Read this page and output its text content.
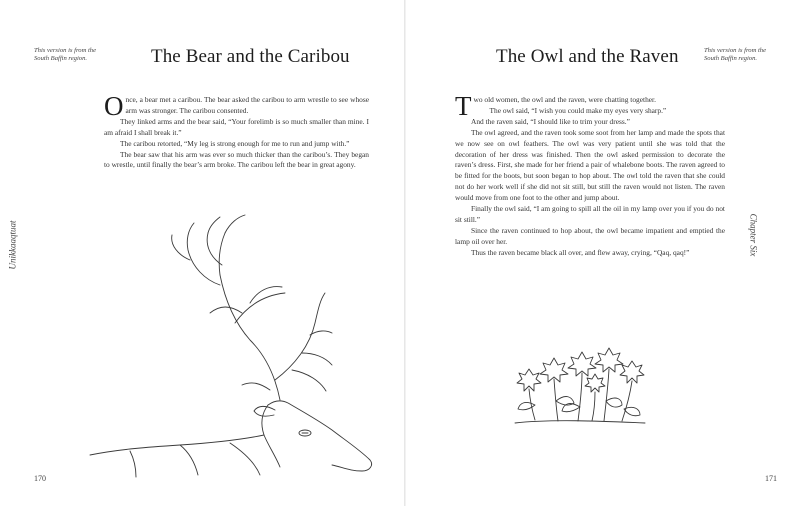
This version is from the South Baffin region.	The Bear and the Caribou

Once, a bear met a caribou. The bear asked the caribou to arm wrestle to see whose arm was stronger. The caribou consented.

They linked arms and the bear said, “Your forelimb is so much smaller than mine. I am afraid I shall break it.”

The caribou retorted, “My leg is strong enough for me to run and jump with.”

The bear saw that his arm was ever so much thicker than the caribou’s. They began to wrestle, until finally the bear’s arm broke. The caribou left the bear in great agony.

Unikkaaqtuat
170
The Owl and the Raven	This version is from the South Baffin region.

Two old women, the owl and the raven, were chatting together.

The owl said, “I wish you could make my eyes very sharp.”

And the raven said, “I should like to trim your dress.”

The owl agreed, and the raven took some soot from her lamp and made the spots that we now see on owl feathers. The owl was very patient until she was told that the decoration of her dress was finished. Then the owl asked permission to decorate the raven’s dress. First, she made for her friend a pair of whalebone boots. The raven agreed to be fitted for the boots, but soon began to hop about. The owl told the raven that she could not do her work well if she did not sit still, but still the raven would not listen. The raven would move from one foot to the other and jump about.

Finally the owl said, “I am going to spill all the oil in my lamp over you if you do not sit still.”

Since the raven continued to hop about, the owl became impatient and emptied the lamp oil over her.

Thus the raven became black all over, and flew away, crying, “Qaq, qaq!”	Chapter Six
171
